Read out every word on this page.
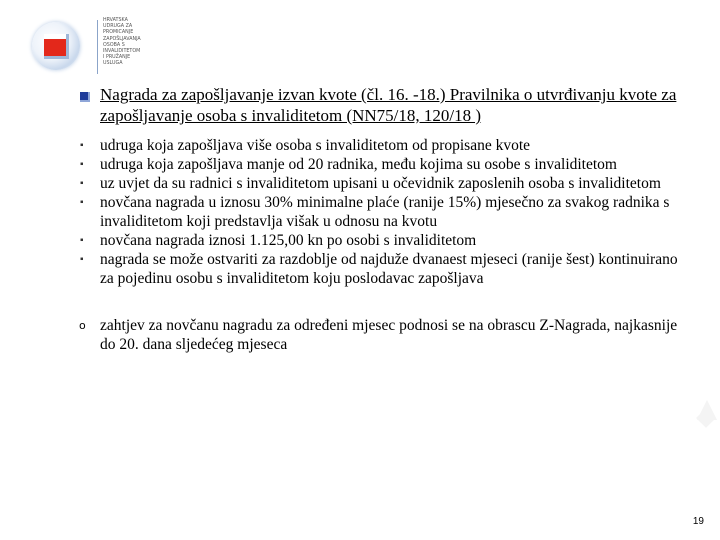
HRVATSKA
UDRUGA ZA
PROMICANJE
ZAPOŠLJAVANJA
OSOBA S
INVALIDITETOM
I PRUŽANJE
USLUGA
Nagrada za zapošljavanje izvan kvote (čl. 16. -18.) Pravilnika o utvrđivanju kvote za zapošljavanje osoba s invaliditetom (NN75/18, 120/18 )
▪	udruga koja zapošljava više osoba s invaliditetom od propisane kvote
▪	udruga koja zapošljava manje od 20 radnika, među kojima su osobe s invaliditetom
▪	uz uvjet da su radnici s invaliditetom upisani u očevidnik zaposlenih osoba s invaliditetom
▪	novčana nagrada u iznosu 30% minimalne plaće (ranije 15%) mjesečno za svakog radnika s invaliditetom koji predstavlja višak u odnosu na kvotu
▪	novčana nagrada iznosi 1.125,00 kn po osobi s invaliditetom
▪	nagrada se može ostvariti za razdoblje od najduže dvanaest mjeseci (ranije šest) kontinuirano za pojedinu osobu s invaliditetom koju poslodavac zapošljava
o zahtjev za novčanu nagradu za određeni mjesec podnosi se na obrascu Z-Nagrada, najkasnije do 20. dana sljedećeg mjeseca
19
